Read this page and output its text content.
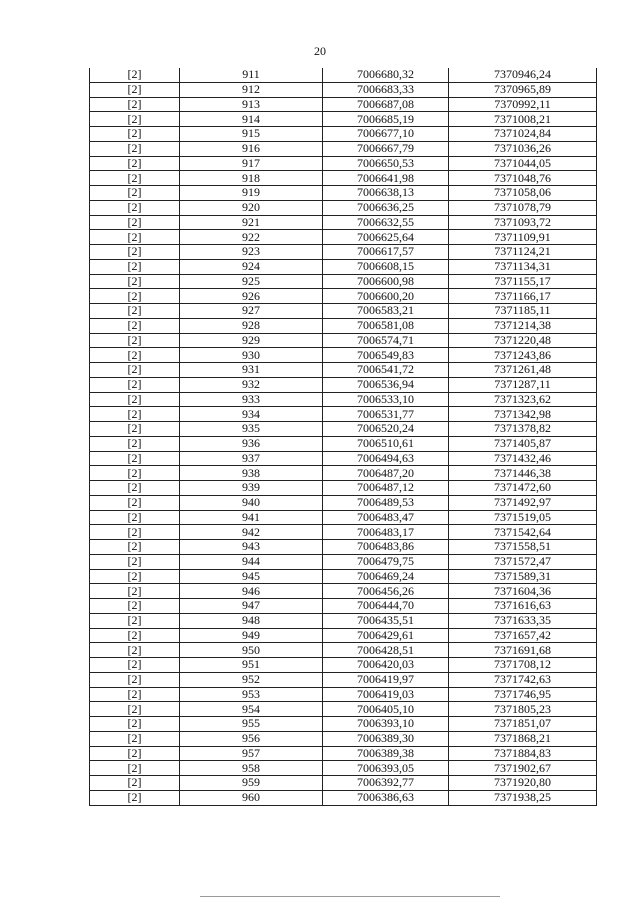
20
[2]	911	7006680,32	7370946,24
[2]	912	7006683,33	7370965,89
[2]	913	7006687,08	7370992,11
[2]	914	7006685,19	7371008,21
[2]	915	7006677,10	7371024,84
[2]	916	7006667,79	7371036,26
[2]	917	7006650,53	7371044,05
[2]	918	7006641,98	7371048,76
[2]	919	7006638,13	7371058,06
[2]	920	7006636,25	7371078,79
[2]	921	7006632,55	7371093,72
[2]	922	7006625,64	7371109,91
[2]	923	7006617,57	7371124,21
[2]	924	7006608,15	7371134,31
[2]	925	7006600,98	7371155,17
[2]	926	7006600,20	7371166,17
[2]	927	7006583,21	7371185,11
[2]	928	7006581,08	7371214,38
[2]	929	7006574,71	7371220,48
[2]	930	7006549,83	7371243,86
[2]	931	7006541,72	7371261,48
[2]	932	7006536,94	7371287,11
[2]	933	7006533,10	7371323,62
[2]	934	7006531,77	7371342,98
[2]	935	7006520,24	7371378,82
[2]	936	7006510,61	7371405,87
[2]	937	7006494,63	7371432,46
[2]	938	7006487,20	7371446,38
[2]	939	7006487,12	7371472,60
[2]	940	7006489,53	7371492,97
[2]	941	7006483,47	7371519,05
[2]	942	7006483,17	7371542,64
[2]	943	7006483,86	7371558,51
[2]	944	7006479,75	7371572,47
[2]	945	7006469,24	7371589,31
[2]	946	7006456,26	7371604,36
[2]	947	7006444,70	7371616,63
[2]	948	7006435,51	7371633,35
[2]	949	7006429,61	7371657,42
[2]	950	7006428,51	7371691,68
[2]	951	7006420,03	7371708,12
[2]	952	7006419,97	7371742,63
[2]	953	7006419,03	7371746,95
[2]	954	7006405,10	7371805,23
[2]	955	7006393,10	7371851,07
[2]	956	7006389,30	7371868,21
[2]	957	7006389,38	7371884,83
[2]	958	7006393,05	7371902,67
[2]	959	7006392,77	7371920,80
[2]	960	7006386,63	7371938,25
